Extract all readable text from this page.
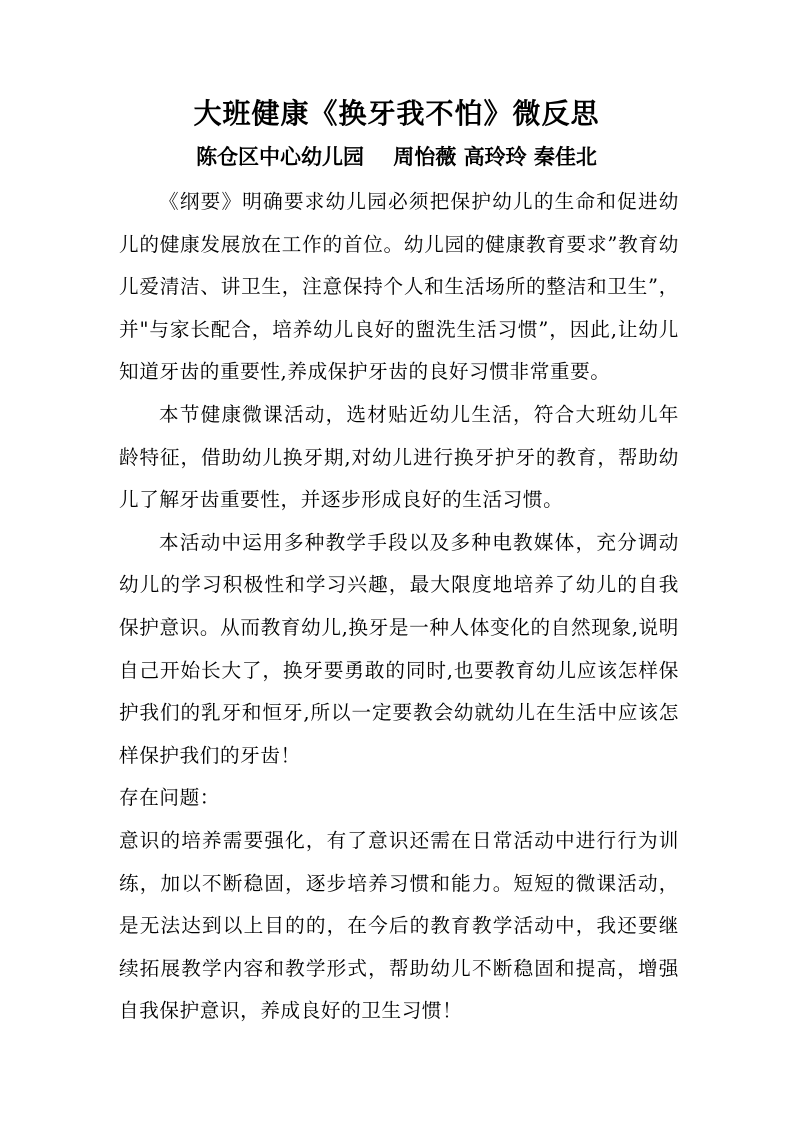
大班健康《换牙我不怕》微反思
陈仓区中心幼儿园    周怡薇 高玲玲 秦佳北

《纲要》明确要求幼儿园必须把保护幼儿的生命和促进幼儿的健康发展放在工作的首位。幼儿园的健康教育要求”教育幼儿爱清洁、讲卫生，注意保持个人和生活场所的整洁和卫生”，并"与家长配合，培养幼儿良好的盥洗生活习惯”，因此,让幼儿知道牙齿的重要性,养成保护牙齿的良好习惯非常重要。

本节健康微课活动，选材贴近幼儿生活，符合大班幼儿年龄特征，借助幼儿换牙期,对幼儿进行换牙护牙的教育，帮助幼儿了解牙齿重要性，并逐步形成良好的生活习惯。

本活动中运用多种教学手段以及多种电教媒体，充分调动幼儿的学习积极性和学习兴趣，最大限度地培养了幼儿的自我保护意识。从而教育幼儿,换牙是一种人体变化的自然现象,说明自己开始长大了，换牙要勇敢的同时,也要教育幼儿应该怎样保护我们的乳牙和恒牙,所以一定要教会幼就幼儿在生活中应该怎样保护我们的牙齿！

存在问题：

意识的培养需要强化，有了意识还需在日常活动中进行行为训练，加以不断稳固，逐步培养习惯和能力。短短的微课活动，是无法达到以上目的的，在今后的教育教学活动中，我还要继续拓展教学内容和教学形式，帮助幼儿不断稳固和提高，增强自我保护意识，养成良好的卫生习惯！
